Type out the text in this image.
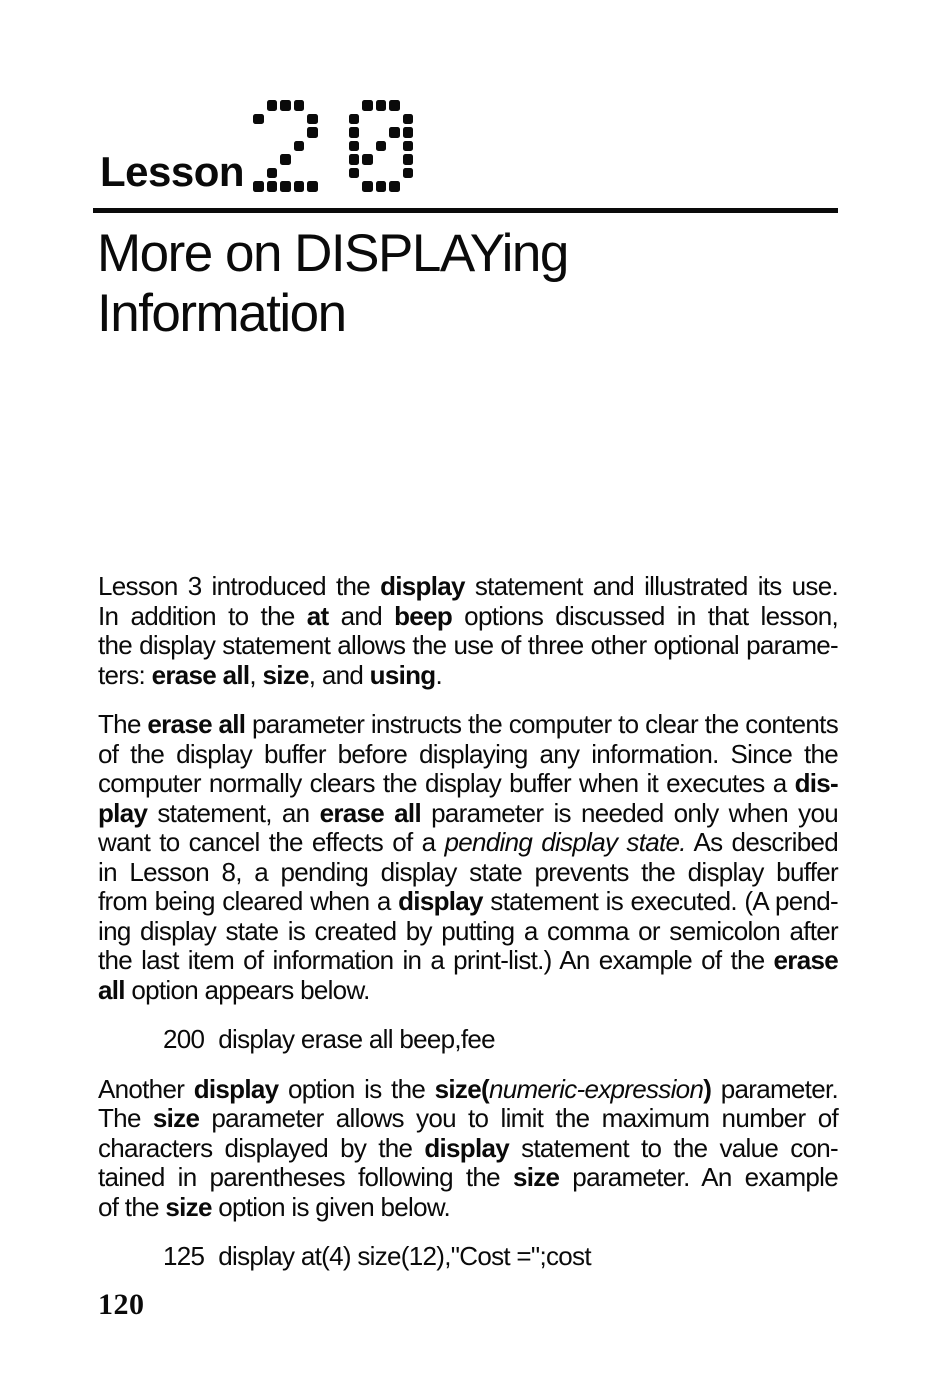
Lesson
More on DISPLAYing
Information
Lesson 3 introduced the display statement and illustrated its use.
In addition to the at and beep options discussed in that lesson,
the display statement allows the use of three other optional parame-
ters: erase all, size, and using.
The erase all parameter instructs the computer to clear the contents
of the display buffer before displaying any information. Since the
computer normally clears the display buffer when it executes a dis-
play statement, an erase all parameter is needed only when you
want to cancel the effects of a pending display state. As described
in Lesson 8, a pending display state prevents the display buffer
from being cleared when a display statement is executed. (A pend-
ing display state is created by putting a comma or semicolon after
the last item of information in a print-list.) An example of the erase
all option appears below.
200 display erase all beep,fee
Another display option is the size(numeric-expression) parameter.
The size parameter allows you to limit the maximum number of
characters displayed by the display statement to the value con-
tained in parentheses following the size parameter. An example
of the size option is given below.
125 display at(4) size(12),"Cost =";cost
120
